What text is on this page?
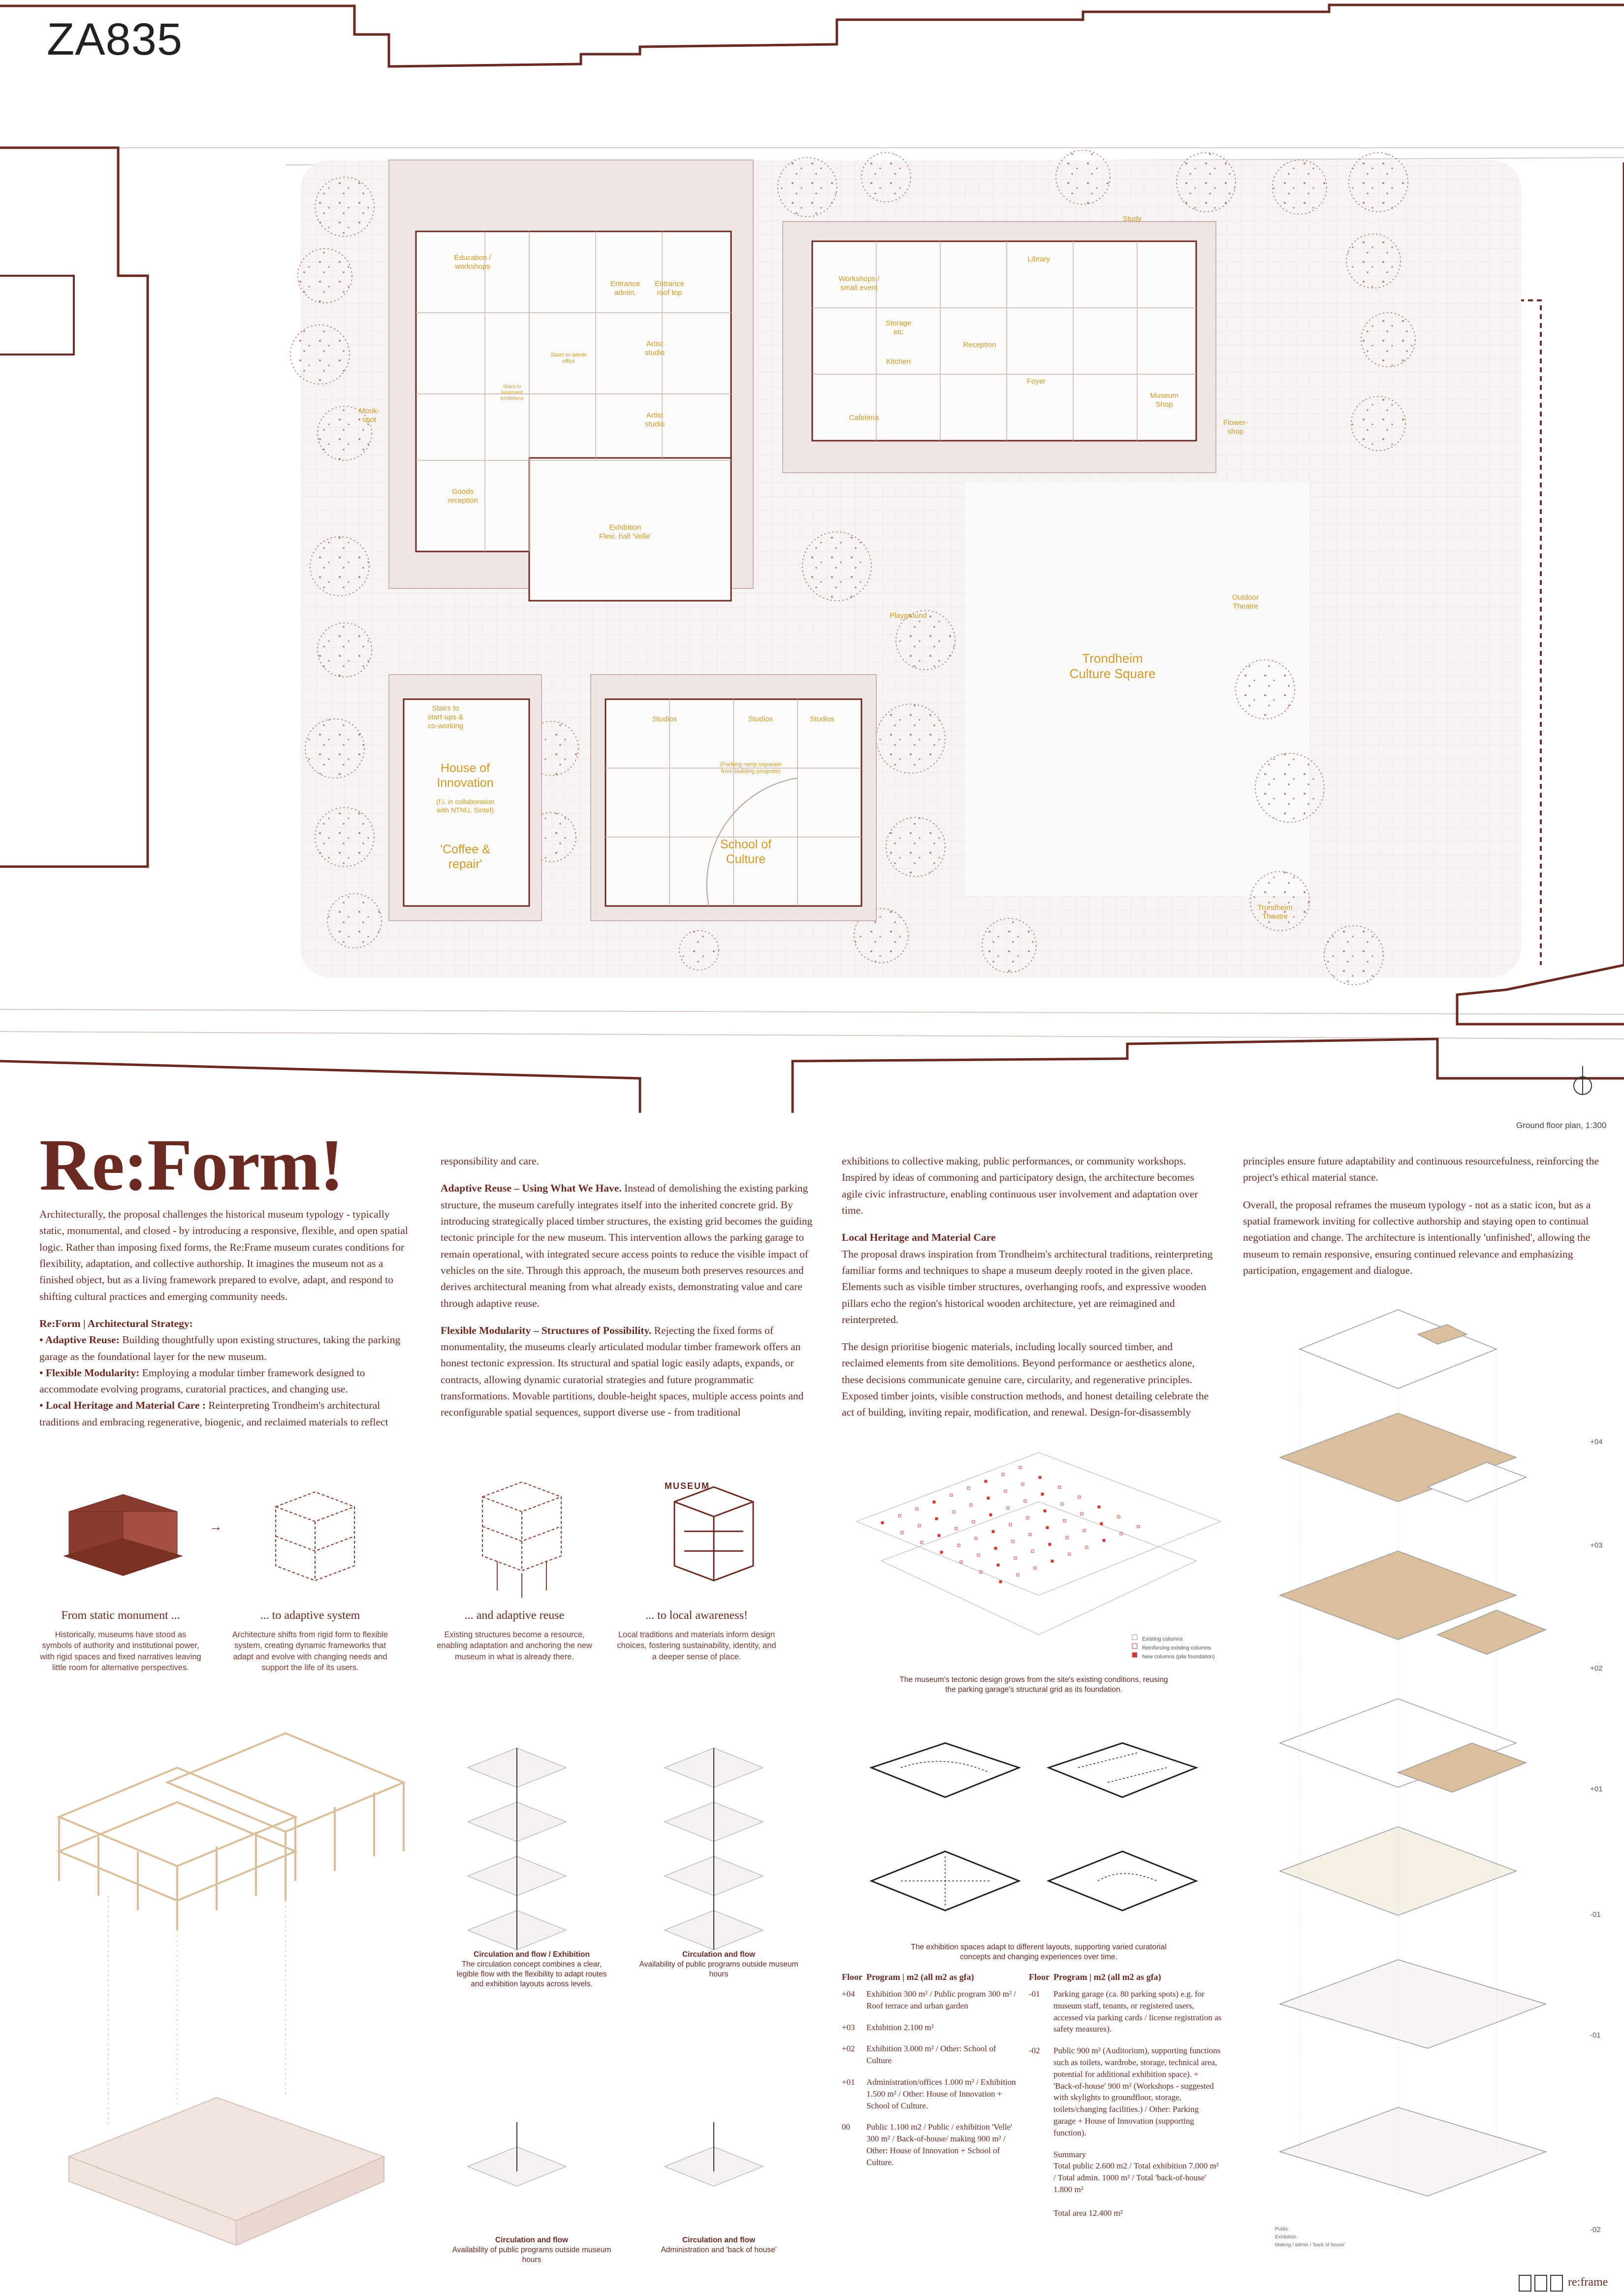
ZA835
Education /
workshops
Entrance
admin.
Entrance
roof top
Stairs to admin
office
Stairs to
basement
exhibitions
Artist
studio
Artist
studio
Mook-
spot
Goods
reception
Exhibition
Flexi. hall 'Velle'
Study
Library
Workshops /
small event
Storage
etc
Kitchen
Reception
Foyer
Cafeteria
Museum
Shop
Flower-
shop
Outdoor
Theatre
Playground
Trondheim
Culture Square
Stairs to
start-ups &
co-working
House of
Innovation
(f.i. in collaboration
with NTNU, Sintef)
'Coffee &
repair'
Studios	Studios	Studios
(Parking ramp separate
from building program)
School of
Culture
Trondheim
Theatre
Ground floor plan, 1:300
Re:Form!

Architecturally, the proposal challenges the historical museum typology - typically static, monumental, and closed - by introducing a responsive, flexible, and open spatial logic. Rather than imposing fixed forms, the Re:Frame museum curates conditions for flexibility, adaptation, and collective authorship. It imagines the museum not as a finished object, but as a living framework prepared to evolve, adapt, and respond to shifting cultural practices and emerging community needs.

Re:Form | Architectural Strategy:

• Adaptive Reuse: Building thoughtfully upon existing structures, taking the parking garage as the foundational layer for the new museum.
• Flexible Modularity: Employing a modular timber framework designed to accommodate evolving programs, curatorial practices, and changing use.
• Local Heritage and Material Care : Reinterpreting Trondheim's architectural traditions and embracing regenerative, biogenic, and reclaimed materials to reflect

responsibility and care.

Adaptive Reuse – Using What We Have. Instead of demolishing the existing parking structure, the museum carefully integrates itself into the inherited concrete grid. By introducing strategically placed timber structures, the existing grid becomes the guiding tectonic principle for the new museum. This intervention allows the parking garage to remain operational, with integrated secure access points to reduce the visible impact of vehicles on the site. Through this approach, the museum both preserves resources and derives architectural meaning from what already exists, demonstrating value and care through adaptive reuse.

Flexible Modularity – Structures of Possibility. Rejecting the fixed forms of monumentality, the museums clearly articulated modular timber framework offers an honest tectonic expression. Its structural and spatial logic easily adapts, expands, or contracts, allowing dynamic curatorial strategies and future programmatic transformations. Movable partitions, double-height spaces, multiple access points and reconfigurable spatial sequences, support diverse use - from traditional

exhibitions to collective making, public performances, or community workshops. Inspired by ideas of commoning and participatory design, the architecture becomes agile civic infrastructure, enabling continuous user involvement and adaptation over time.

Local Heritage and Material Care

The proposal draws inspiration from Trondheim's architectural traditions, reinterpreting familiar forms and techniques to shape a museum deeply rooted in the given place. Elements such as visible timber structures, overhanging roofs, and expressive wooden pillars echo the region's historical wooden architecture, yet are reimagined and reinterpreted.

The design prioritise biogenic materials, including locally sourced timber, and reclaimed elements from site demolitions. Beyond performance or aesthetics alone, these decisions communicate genuine care, circularity, and regenerative principles. Exposed timber joints, visible construction methods, and honest detailing celebrate the act of building, inviting repair, modification, and renewal. Design-for-disassembly

principles ensure future adaptability and continuous resourcefulness, reinforcing the project's ethical material stance.

Overall, the proposal reframes the museum typology - not as a static icon, but as a spatial framework inviting for collective authorship and staying open to continual negotiation and change. The architecture is intentionally 'unfinished', allowing the museum to remain responsive, ensuring continued relevance and emphasizing participation, engagement and dialogue.

→
MUSEUM
From static monument ...
Historically, museums have stood as symbols of authority and institutional power, with rigid spaces and fixed narratives leaving little room for alternative perspectives.
... to adaptive system
Architecture shifts from rigid form to flexible system, creating dynamic frameworks that adapt and evolve with changing needs and support the life of its users.
... and adaptive reuse
Existing structures become a resource, enabling adaptation and anchoring the new museum in what is already there.
... to local awareness!
Local traditions and materials inform design choices, fostering sustainability, identity, and a deeper sense of place.
Existing columns
Reinforcing existing columns
New columns (pile foundation)
The museum's tectonic design grows from the site's existing conditions, reusing the parking garage's structural grid as its foundation.
The exhibition spaces adapt to different layouts, supporting varied curatorial concepts and changing experiences over time.
Circulation and flow / Exhibition
The circulation concept combines a clear, legible flow with the flexibility to adapt routes and exhibition layouts across levels.
Circulation and flow
Availability of public programs outside museum hours
Circulation and flow
Availability of public programs outside museum hours
Circulation and flow
Administration and 'back of house'
Floor	Program | m2 (all m2 as gfa)
+04	Exhibition 300 m² / Public program 300 m² / Roof terrace and urban garden
+03	Exhibition 2.100 m²
+02	Exhibition 3.000 m² / Other: School of Culture
+01	Administration/offices 1.000 m² / Exhibition 1.500 m² / Other: House of Innovation + School of Culture.
00	Public 1.100 m2 / Public / exhibition 'Velle' 300 m² / Back-of-house/ making 900 m² / Other: House of Innovation + School of Culture.
Floor	Program | m2 (all m2 as gfa)
-01	Parking garage (ca. 80 parking spots) e.g. for museum staff, tenants, or registered users, accessed via parking cards / license registration as safety measures).
-02	Public 900 m² (Auditorium), supporting functions such as toilets, wardrobe, storage, technical area, potential for additional exhibition space). + 'Back-of-house' 900 m² (Workshops - suggested with skylights to groundfloor, storage, toilets/changing facilities.) / Other: Parking garage + House of Innovation (supporting function).
	Summary
Total public 2.600 m2 / Total exhibition 7.000 m² / Total admin. 1000 m² / Total 'back-of-house' 1.800 m²

Total area 12.400 m²
+04
+03
+02
+01
-01
-01
-02
Public
Exhibition
Making / admin / 'back of house'
re:frame
